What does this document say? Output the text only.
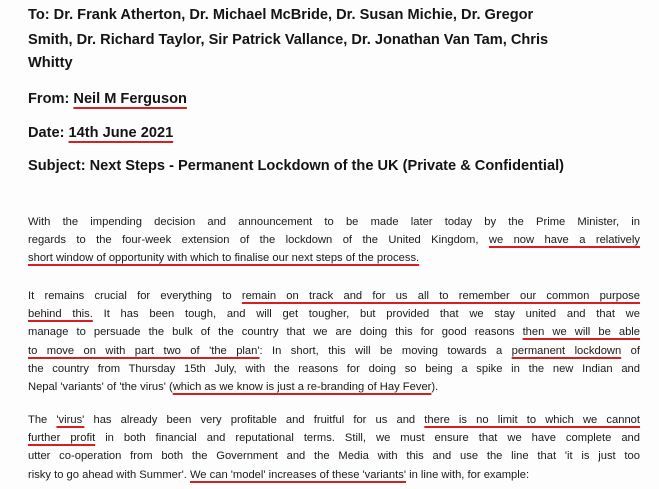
To: Dr. Frank Atherton, Dr. Michael McBride, Dr. Susan Michie, Dr. Gregor

Smith, Dr. Richard Taylor, Sir Patrick Vallance, Dr. Jonathan Van Tam, Chris

Whitty

From: Neil M Ferguson

Date: 14th June 2021

Subject: Next Steps - Permanent Lockdown of the UK (Private & Confidential)

With the impending decision and announcement to be made later today by the Prime Minister, in
regards to the four-week extension of the lockdown of the United Kingdom, we now have a relatively
short window of opportunity with which to finalise our next steps of the process.
It remains crucial for everything to remain on track and for us all to remember our common purpose
behind this. It has been tough, and will get tougher, but provided that we stay united and that we
manage to persuade the bulk of the country that we are doing this for good reasons then we will be able
to move on with part two of 'the plan': In short, this will be moving towards a permanent lockdown of
the country from Thursday 15th July, with the reasons for doing so being a spike in the new Indian and
Nepal 'variants' of 'the virus' (which as we know is just a re-branding of Hay Fever).
The 'virus' has already been very profitable and fruitful for us and there is no limit to which we cannot
further profit in both financial and reputational terms. Still, we must ensure that we have complete and
utter co-operation from both the Government and the Media with this and use the line that 'it is just too
risky to go ahead with Summer'. We can 'model' increases of these 'variants' in line with, for example:
